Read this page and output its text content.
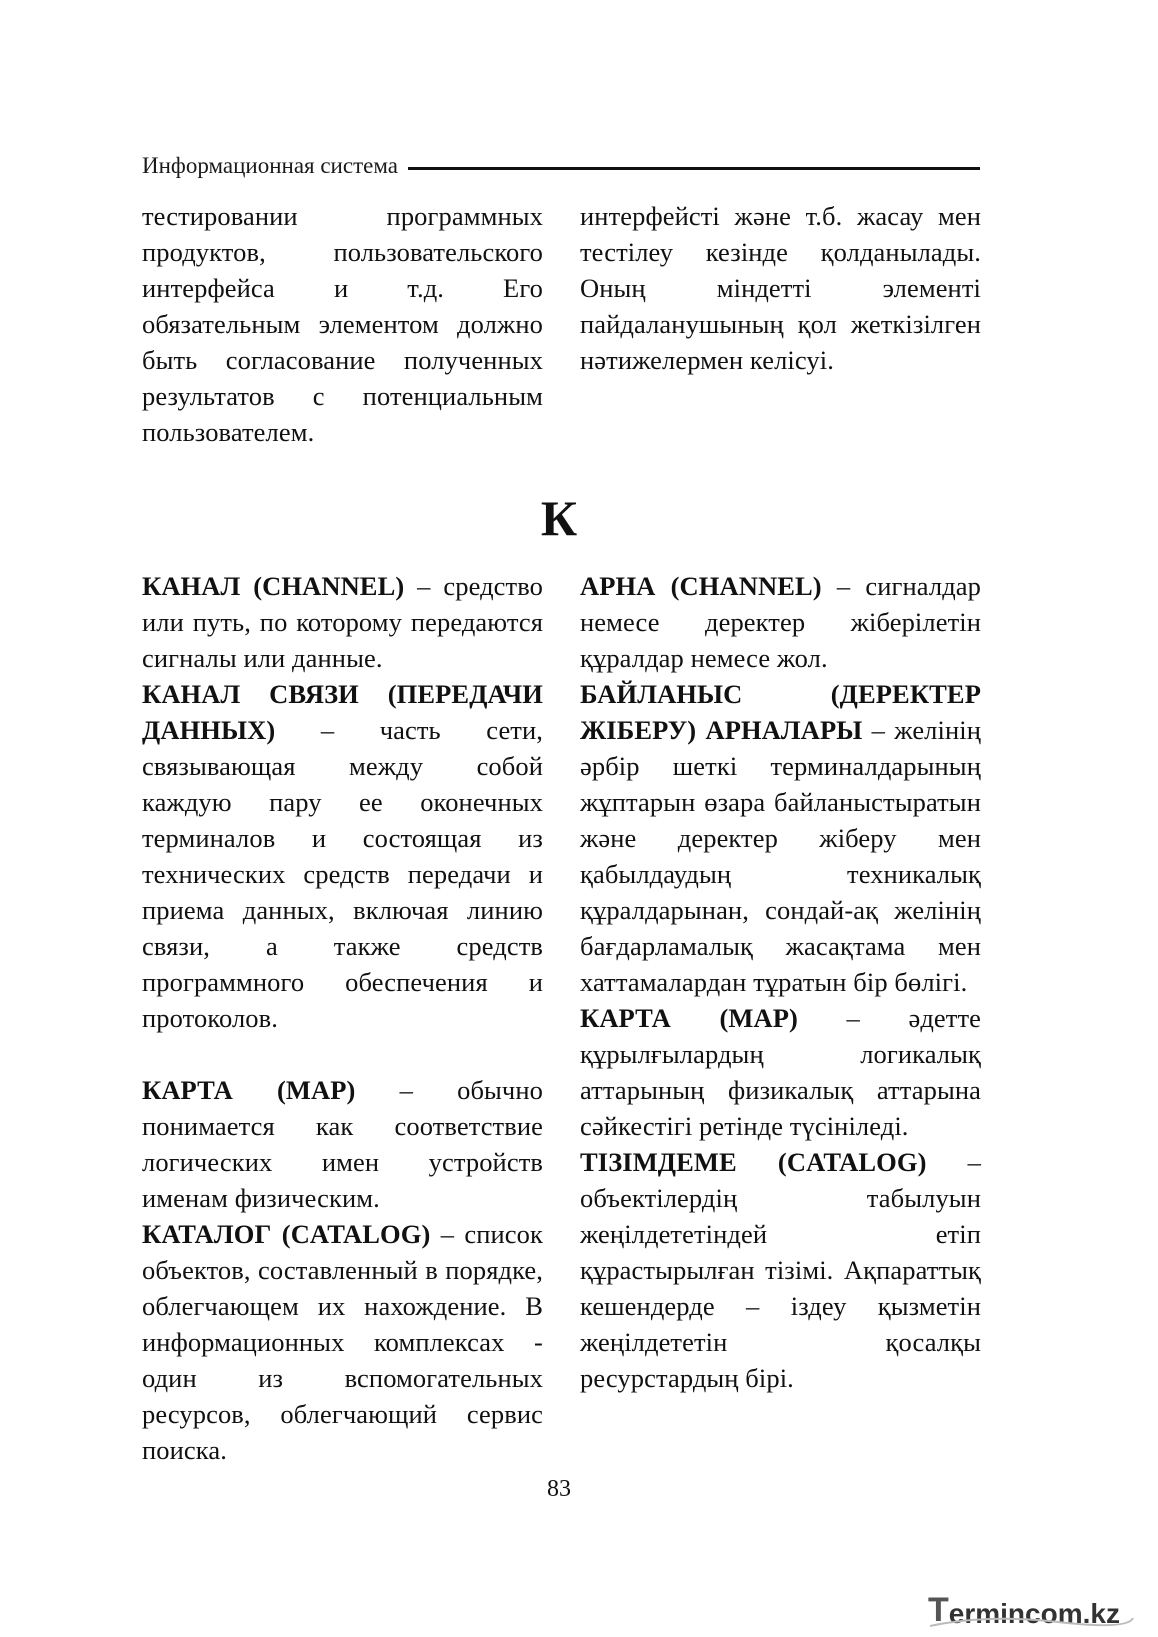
Информационная система

тестировании программных продуктов, пользовательского интерфейса и т.д. Его обязательным элементом должно быть согласование полученных результатов с потенциальным пользователем.

интерфейсті және т.б. жасау мен тестілеу кезінде қолданылады. Оның міндетті элементі пайдаланушының қол жеткізілген нәтижелермен келісуі.

К

КАНАЛ (CHANNEL) – средство или путь, по которому передаются сигналы или данные.

КАНАЛ СВЯЗИ (ПЕРЕДАЧИ ДАННЫХ) – часть сети, связывающая между собой каждую пару ее оконечных терминалов и состоящая из технических средств передачи и приема данных, включая линию связи, а также средств программного обеспечения и протоколов.

КАРТА (MAP) – обычно понимается как соответствие логических имен устройств именам физическим.

КАТАЛОГ (CATALOG) – список объектов, составленный в порядке, облегчающем их нахождение. В информационных комплексах - один из вспомогательных ресурсов, облегчающий сервис поиска.

АРНА (CHANNEL) – сигналдар немесе деректер жіберілетін құралдар немесе жол.

БАЙЛАНЫС (ДЕРЕКТЕР ЖІБЕРУ) АРНАЛАРЫ – желінің әрбір шеткі терминалдарының жұптарын өзара байланыстыратын және деректер жіберу мен қабылдаудың техникалық құралдарынан, сондай-ақ желінің бағдарламалық жасақтама мен хаттамалардан тұратын бір бөлігі.

КАРТА (MAP) – әдетте құрылғылардың логикалық аттарының физикалық аттарына сәйкестігі ретінде түсініледі.

ТІЗІМДЕМЕ (CATALOG) – объектілердің табылуын жеңілдететіндей етіп құрастырылған тізімі. Ақпараттық кешендерде – іздеу қызметін жеңілдететін қосалқы ресурстардың бірі.

83
T ermincom.kz
